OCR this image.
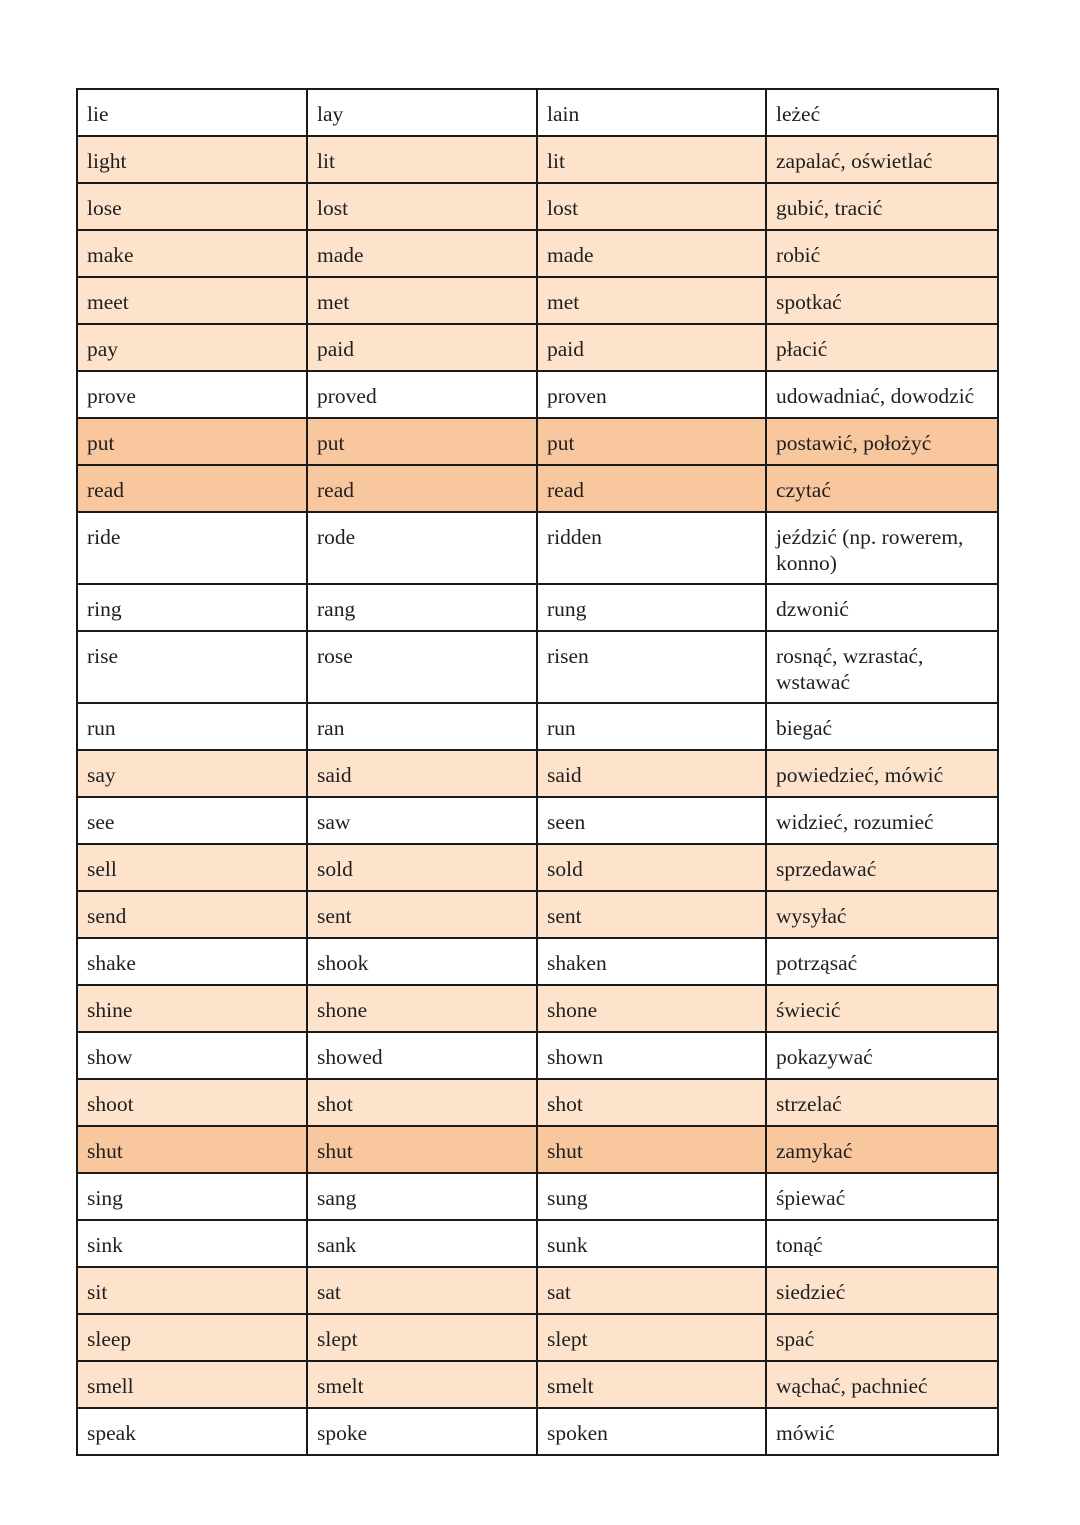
lie	lay	lain	leżeć
light	lit	lit	zapalać, oświetlać
lose	lost	lost	gubić, tracić
make	made	made	robić
meet	met	met	spotkać
pay	paid	paid	płacić
prove	proved	proven	udowadniać, dowodzić
put	put	put	postawić, położyć
read	read	read	czytać
ride	rode	ridden	jeździć (np. rowerem, konno)
ring	rang	rung	dzwonić
rise	rose	risen	rosnąć, wzrastać, wstawać
run	ran	run	biegać
say	said	said	powiedzieć, mówić
see	saw	seen	widzieć, rozumieć
sell	sold	sold	sprzedawać
send	sent	sent	wysyłać
shake	shook	shaken	potrząsać
shine	shone	shone	świecić
show	showed	shown	pokazywać
shoot	shot	shot	strzelać
shut	shut	shut	zamykać
sing	sang	sung	śpiewać
sink	sank	sunk	tonąć
sit	sat	sat	siedzieć
sleep	slept	slept	spać
smell	smelt	smelt	wąchać, pachnieć
speak	spoke	spoken	mówić
